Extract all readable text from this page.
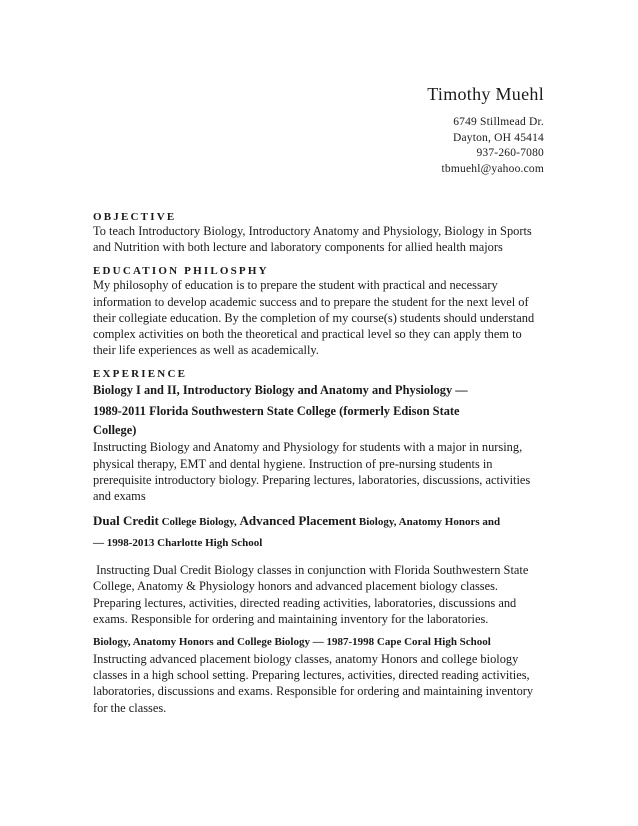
Timothy Muehl
6749 Stillmead Dr.
Dayton, OH 45414
937-260-7080
tbmuehl@yahoo.com
OBJECTIVE
To teach Introductory Biology, Introductory Anatomy and Physiology, Biology in Sports
and Nutrition with both lecture and laboratory components for allied health majors
EDUCATION PHILOSPHY
My philosophy of education is to prepare the student with practical and necessary
information to develop academic success and to prepare the student for the next level of
their collegiate education. By the completion of my course(s) students should understand
complex activities on both the theoretical and practical level so they can apply them to
their life experiences as well as academically.
EXPERIENCE
Biology I and II, Introductory Biology and Anatomy and Physiology —
1989-2011 Florida Southwestern State College (formerly Edison State
College)
Instructing Biology and Anatomy and Physiology for students with a major in nursing,
physical therapy, EMT and dental hygiene. Instruction of pre-nursing students in
prerequisite introductory biology. Preparing lectures, laboratories, discussions, activities
and exams
Dual Credit College Biology, Advanced Placement Biology, Anatomy Honors and
— 1998-2013 Charlotte High School
Instructing Dual Credit Biology classes in conjunction with Florida Southwestern State
College, Anatomy & Physiology honors and advanced placement biology classes.
Preparing lectures, activities, directed reading activities, laboratories, discussions and
exams. Responsible for ordering and maintaining inventory for the laboratories.
Biology, Anatomy Honors and College Biology — 1987-1998 Cape Coral High School
Instructing advanced placement biology classes, anatomy Honors and college biology
classes in a high school setting. Preparing lectures, activities, directed reading activities,
laboratories, discussions and exams. Responsible for ordering and maintaining inventory
for the classes.
